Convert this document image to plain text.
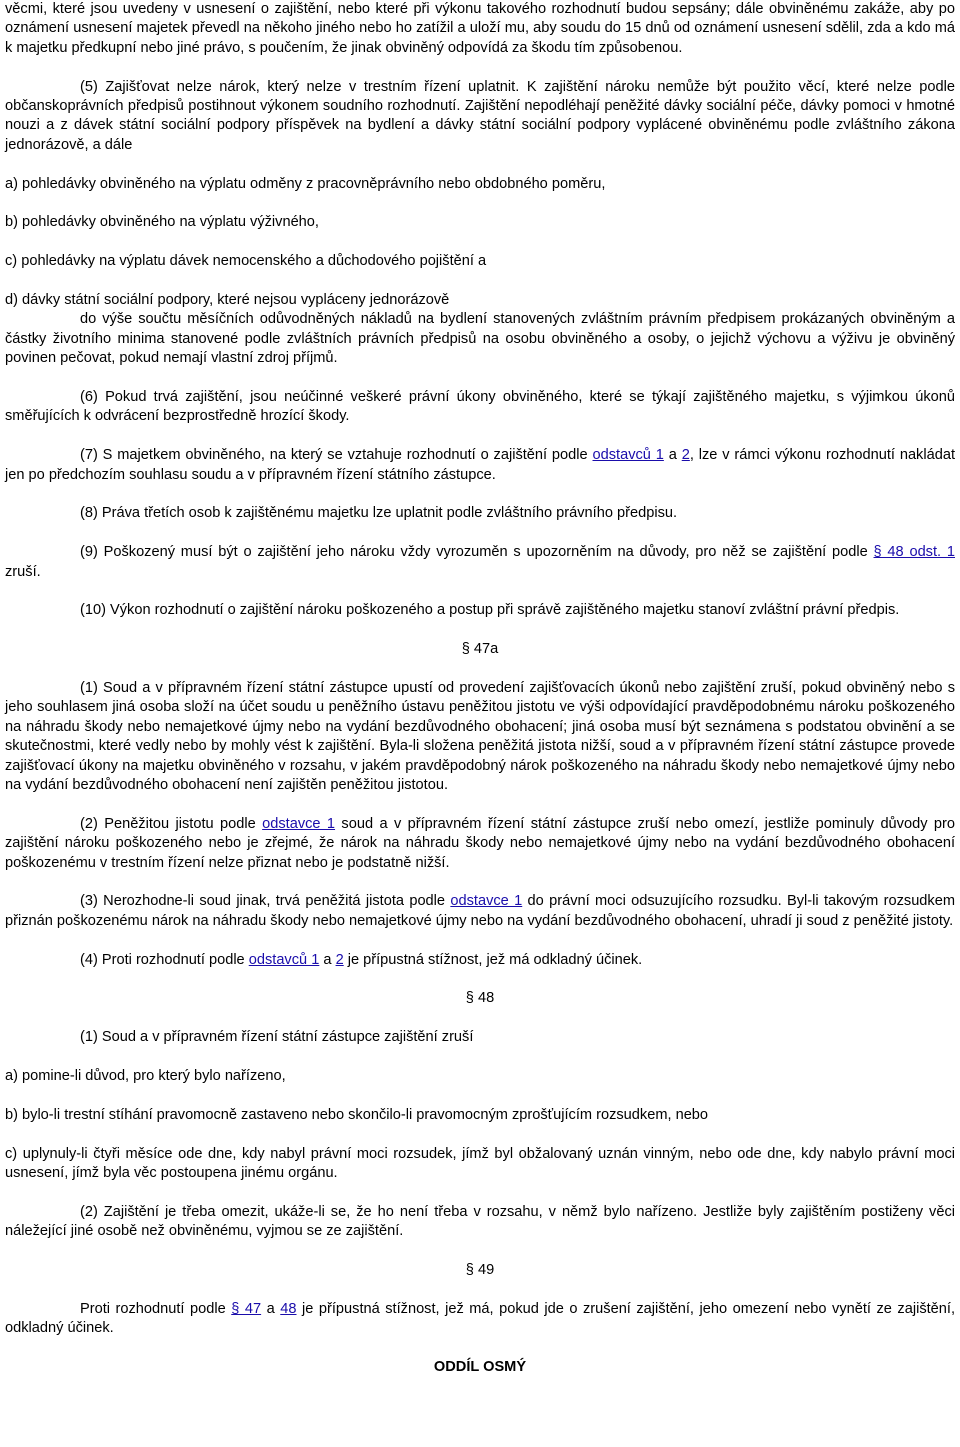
věcmi, které jsou uvedeny v usnesení o zajištění, nebo které při výkonu takového rozhodnutí budou sepsány; dále obviněnému zakáže, aby po oznámení usnesení majetek převedl na někoho jiného nebo ho zatížil a uloží mu, aby soudu do 15 dnů od oznámení usnesení sdělil, zda a kdo má k majetku předkupní nebo jiné právo, s poučením, že jinak obviněný odpovídá za škodu tím způsobenou.

(5) Zajišťovat nelze nárok, který nelze v trestním řízení uplatnit. K zajištění nároku nemůže být použito věcí, které nelze podle občanskoprávních předpisů postihnout výkonem soudního rozhodnutí. Zajištění nepodléhají peněžité dávky sociální péče, dávky pomoci v hmotné nouzi a z dávek státní sociální podpory příspěvek na bydlení a dávky státní sociální podpory vyplácené obviněnému podle zvláštního zákona jednorázově, a dále

a) pohledávky obviněného na výplatu odměny z pracovněprávního nebo obdobného poměru,

b) pohledávky obviněného na výplatu výživného,

c) pohledávky na výplatu dávek nemocenského a důchodového pojištění a

d) dávky státní sociální podpory, které nejsou vypláceny jednorázově

do výše součtu měsíčních odůvodněných nákladů na bydlení stanovených zvláštním právním předpisem prokázaných obviněným a částky životního minima stanovené podle zvláštních právních předpisů na osobu obviněného a osoby, o jejichž výchovu a výživu je obviněný povinen pečovat, pokud nemají vlastní zdroj příjmů.

(6) Pokud trvá zajištění, jsou neúčinné veškeré právní úkony obviněného, které se týkají zajištěného majetku, s výjimkou úkonů směřujících k odvrácení bezprostředně hrozící škody.

(7) S majetkem obviněného, na který se vztahuje rozhodnutí o zajištění podle odstavců 1 a 2, lze v rámci výkonu rozhodnutí nakládat jen po předchozím souhlasu soudu a v přípravném řízení státního zástupce.

(8) Práva třetích osob k zajištěnému majetku lze uplatnit podle zvláštního právního předpisu.

(9) Poškozený musí být o zajištění jeho nároku vždy vyrozuměn s upozorněním na důvody, pro něž se zajištění podle § 48 odst. 1 zruší.

(10) Výkon rozhodnutí o zajištění nároku poškozeného a postup při správě zajištěného majetku stanoví zvláštní právní předpis.

§ 47a

(1) Soud a v přípravném řízení státní zástupce upustí od provedení zajišťovacích úkonů nebo zajištění zruší, pokud obviněný nebo s jeho souhlasem jiná osoba složí na účet soudu u peněžního ústavu peněžitou jistotu ve výši odpovídající pravděpodobnému nároku poškozeného na náhradu škody nebo nemajetkové újmy nebo na vydání bezdůvodného obohacení; jiná osoba musí být seznámena s podstatou obvinění a se skutečnostmi, které vedly nebo by mohly vést k zajištění. Byla-li složena peněžitá jistota nižší, soud a v přípravném řízení státní zástupce provede zajišťovací úkony na majetku obviněného v rozsahu, v jakém pravděpodobný nárok poškozeného na náhradu škody nebo nemajetkové újmy nebo na vydání bezdůvodného obohacení není zajištěn peněžitou jistotou.

(2) Peněžitou jistotu podle odstavce 1 soud a v přípravném řízení státní zástupce zruší nebo omezí, jestliže pominuly důvody pro zajištění nároku poškozeného nebo je zřejmé, že nárok na náhradu škody nebo nemajetkové újmy nebo na vydání bezdůvodného obohacení poškozenému v trestním řízení nelze přiznat nebo je podstatně nižší.

(3) Nerozhodne-li soud jinak, trvá peněžitá jistota podle odstavce 1 do právní moci odsuzujícího rozsudku. Byl-li takovým rozsudkem přiznán poškozenému nárok na náhradu škody nebo nemajetkové újmy nebo na vydání bezdůvodného obohacení, uhradí ji soud z peněžité jistoty.

(4) Proti rozhodnutí podle odstavců 1 a 2 je přípustná stížnost, jež má odkladný účinek.

§ 48

(1) Soud a v přípravném řízení státní zástupce zajištění zruší

a) pomine-li důvod, pro který bylo nařízeno,

b) bylo-li trestní stíhání pravomocně zastaveno nebo skončilo-li pravomocným zprošťujícím rozsudkem, nebo

c) uplynuly-li čtyři měsíce ode dne, kdy nabyl právní moci rozsudek, jímž byl obžalovaný uznán vinným, nebo ode dne, kdy nabylo právní moci usnesení, jímž byla věc postoupena jinému orgánu.

(2) Zajištění je třeba omezit, ukáže-li se, že ho není třeba v rozsahu, v němž bylo nařízeno. Jestliže byly zajištěním postiženy věci náležející jiné osobě než obviněnému, vyjmou se ze zajištění.

§ 49

Proti rozhodnutí podle § 47 a 48 je přípustná stížnost, jež má, pokud jde o zrušení zajištění, jeho omezení nebo vynětí ze zajištění, odkladný účinek.

ODDÍL OSMÝ
